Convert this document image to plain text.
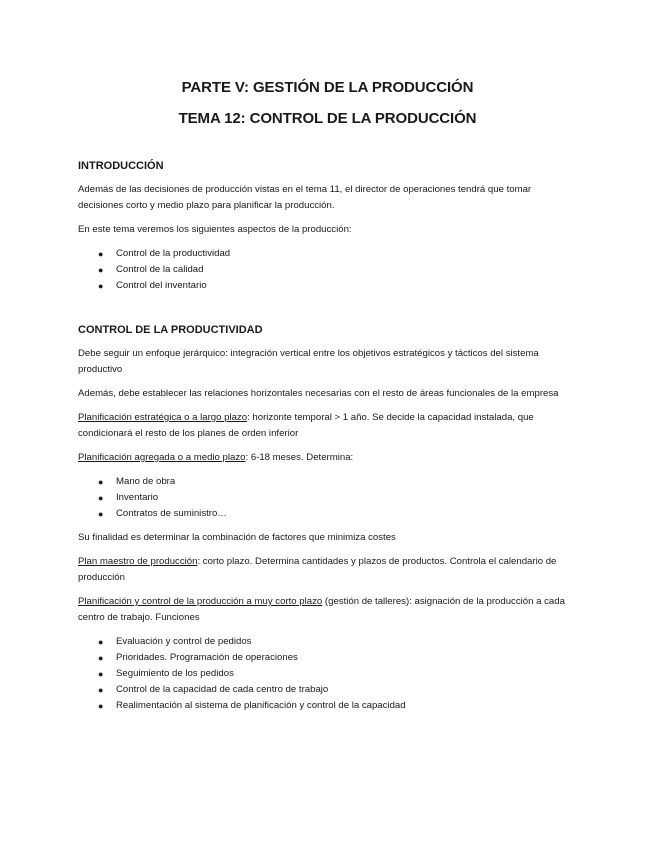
PARTE V: GESTIÓN DE LA PRODUCCIÓN
TEMA 12: CONTROL DE LA PRODUCCIÓN
INTRODUCCIÓN

Además de las decisiones de producción vistas en el tema 11, el director de operaciones tendrá que tomar decisiones corto y medio plazo para planificar la producción.

En este tema veremos los siguientes aspectos de la producción:

● Control de la productividad
● Control de la calidad
● Control del inventario
CONTROL DE LA PRODUCTIVIDAD

Debe seguir un enfoque jerárquico: integración vertical entre los objetivos estratégicos y tácticos del sistema productivo

Además, debe establecer las relaciones horizontales necesarias con el resto de áreas funcionales de la empresa

Planificación estratégica o a largo plazo: horizonte temporal > 1 año. Se decide la capacidad instalada, que condicionará el resto de los planes de orden inferior

Planificación agregada o a medio plazo: 6-18 meses. Determina:

● Mano de obra
● Inventario
● Contratos de suministro…

Su finalidad es determinar la combinación de factores que minimiza costes

Plan maestro de producción: corto plazo. Determina cantidades y plazos de productos. Controla el calendario de producción

Planificación y control de la producción a muy corto plazo (gestión de talleres): asignación de la producción a cada centro de trabajo. Funciones

● Evaluación y control de pedidos
● Prioridades. Programación de operaciones
● Seguimiento de los pedidos
● Control de la capacidad de cada centro de trabajo
● Realimentación al sistema de planificación y control de la capacidad
